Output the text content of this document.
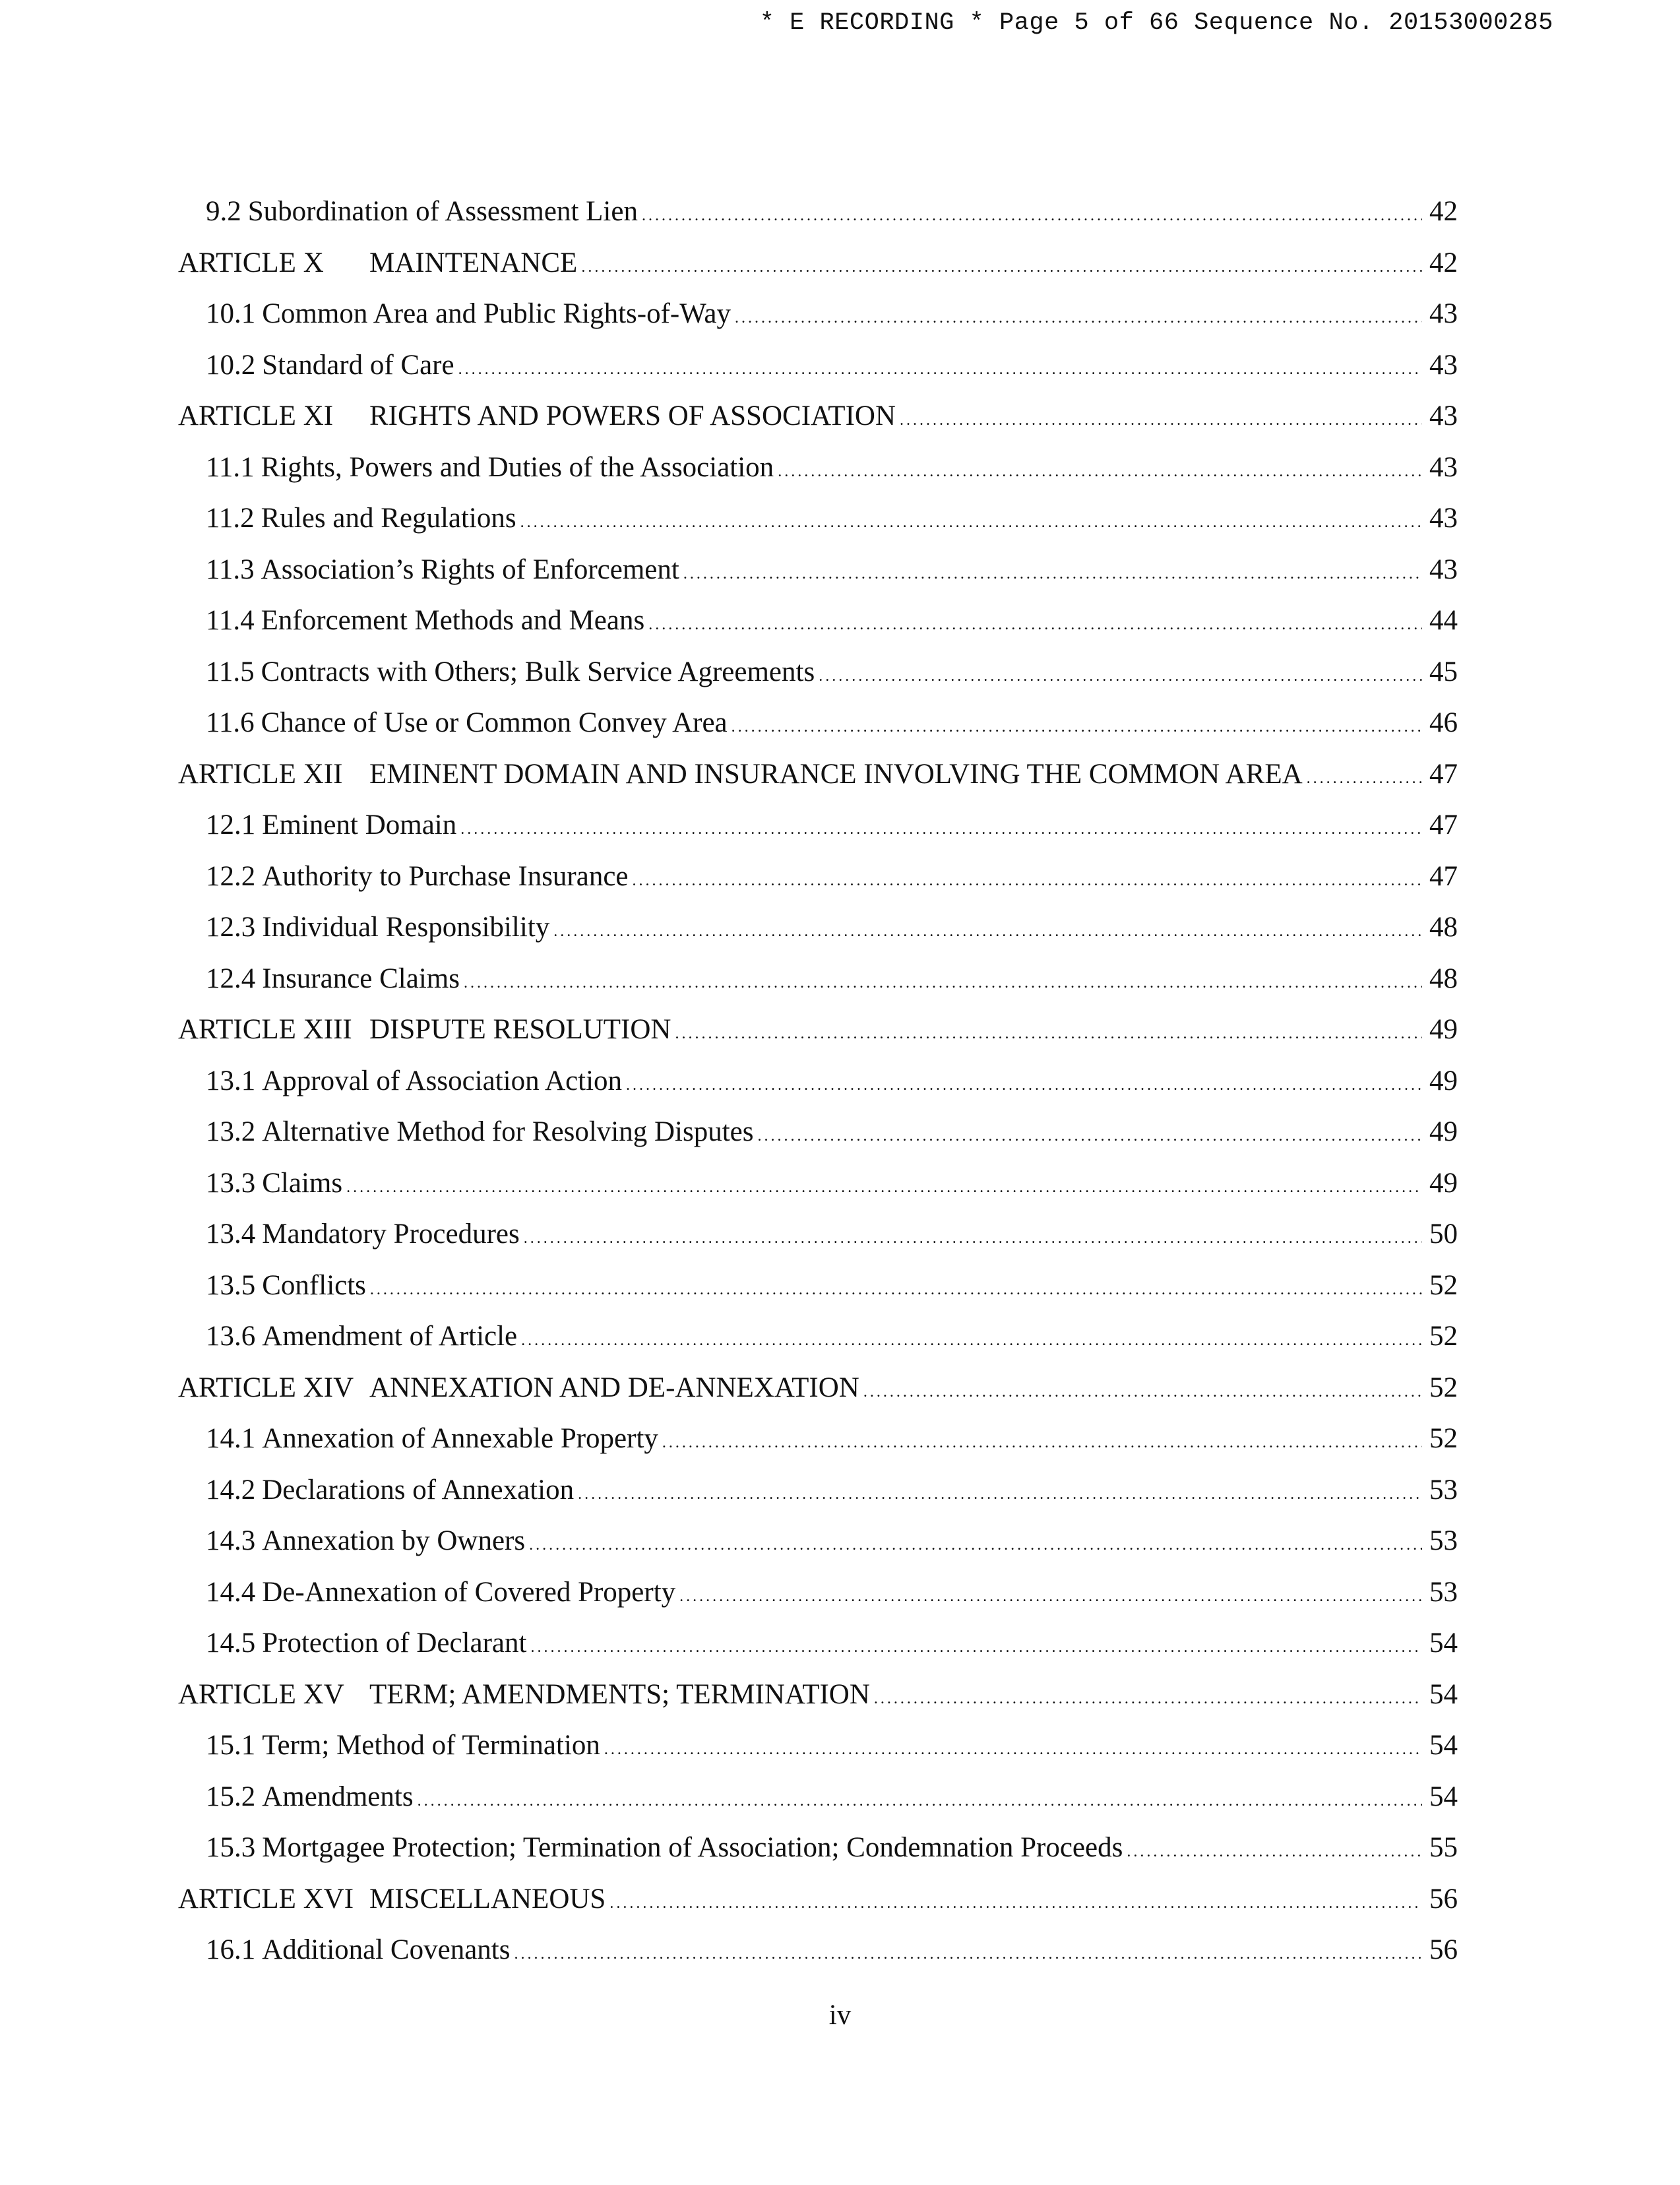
* E RECORDING * Page 5 of 66 Sequence No. 20153000285
9.2 Subordination of Assessment Lien .....	42
ARTICLE X	MAINTENANCE .....	42
10.1 Common Area and Public Rights-of-Way .....	43
10.2 Standard of Care .....	43
ARTICLE XI	RIGHTS AND POWERS OF ASSOCIATION .....	43
11.1 Rights, Powers and Duties of the Association .....	43
11.2 Rules and Regulations .....	43
11.3 Association’s Rights of Enforcement .....	43
11.4 Enforcement Methods and Means .....	44
11.5 Contracts with Others; Bulk Service Agreements .....	45
11.6 Chance of Use or Common Convey Area .....	46
ARTICLE XII EMINENT DOMAIN AND INSURANCE INVOLVING THE COMMON AREA .....	47
12.1 Eminent Domain .....	47
12.2 Authority to Purchase Insurance .....	47
12.3 Individual Responsibility .....	48
12.4 Insurance Claims .....	48
ARTICLE XIII DISPUTE RESOLUTION .....	49
13.1 Approval of Association Action .....	49
13.2 Alternative Method for Resolving Disputes .....	49
13.3 Claims .....	49
13.4 Mandatory Procedures .....	50
13.5 Conflicts .....	52
13.6 Amendment of Article .....	52
ARTICLE XIV ANNEXATION AND DE-ANNEXATION .....	52
14.1 Annexation of Annexable Property .....	52
14.2 Declarations of Annexation .....	53
14.3 Annexation by Owners .....	53
14.4 De-Annexation of Covered Property .....	53
14.5 Protection of Declarant .....	54
ARTICLE XV TERM; AMENDMENTS; TERMINATION .....	54
15.1 Term; Method of Termination .....	54
15.2 Amendments .....	54
15.3 Mortgagee Protection; Termination of Association; Condemnation Proceeds .....	55
ARTICLE XVI MISCELLANEOUS .....	56
16.1 Additional Covenants .....	56
iv
